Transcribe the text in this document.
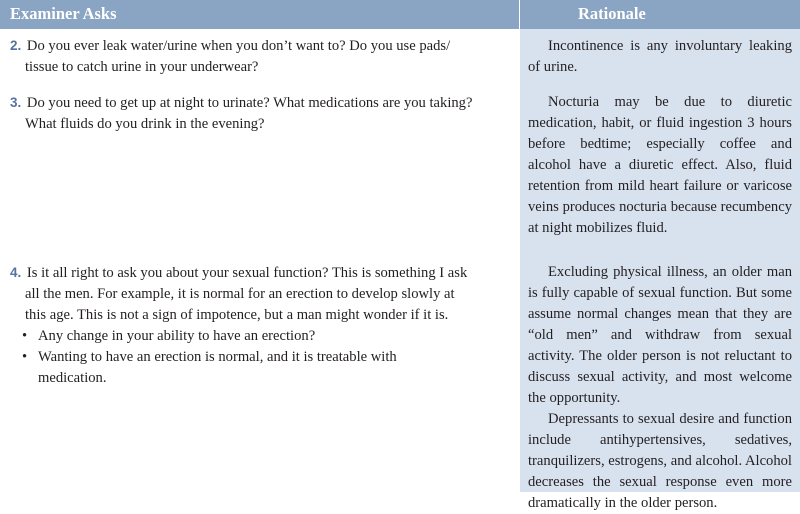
Examiner Asks	Rationale
2. Do you ever leak water/urine when you don’t want to? Do you use pads/
tissue to catch urine in your underwear?

Incontinence is any involuntary leaking of urine.

3. Do you need to get up at night to urinate? What medications are you taking?
What fluids do you drink in the evening?

Nocturia may be due to diuretic medication, habit, or fluid ingestion 3 hours before bedtime; especially coffee and alcohol have a diuretic effect. Also, fluid retention from mild heart failure or varicose veins produces nocturia because recumbency at night mobilizes fluid.

4. Is it all right to ask you about your sexual function? This is something I ask
all the men. For example, it is normal for an erection to develop slowly at
this age. This is not a sign of impotence, but a man might wonder if it is.
• Any change in your ability to have an erection?
• Wanting to have an erection is normal, and it is treatable with
medication.

Excluding physical illness, an older man is fully capable of sexual function. But some assume normal changes mean that they are “old men” and withdraw from sexual activity. The older person is not reluctant to discuss sexual activity, and most welcome the opportunity.

Depressants to sexual desire and function include antihypertensives, sedatives, tranquilizers, estrogens, and alcohol. Alcohol decreases the sexual response even more dramatically in the older person.
